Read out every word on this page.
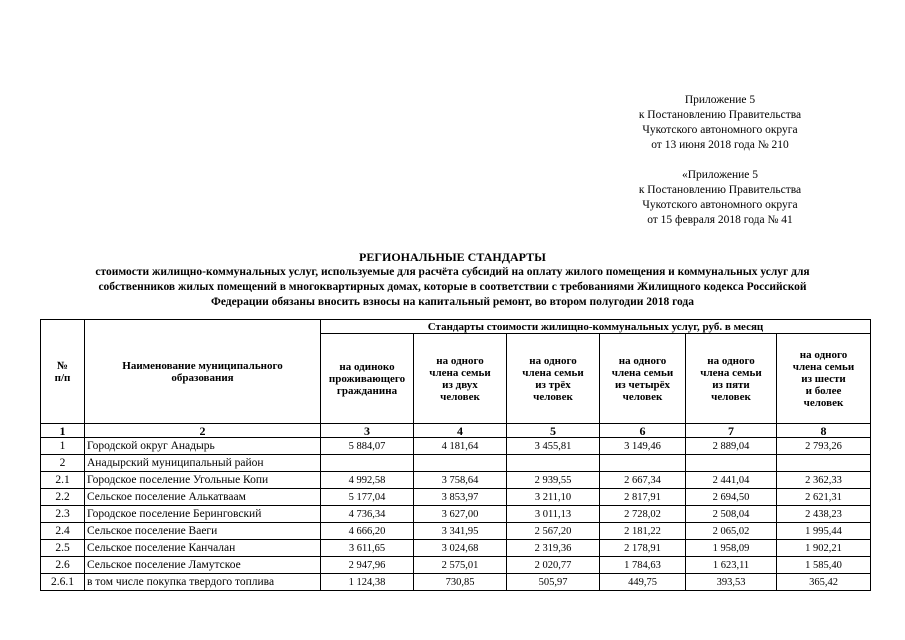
Приложение 5
к Постановлению Правительства
Чукотского автономного округа
от 13 июня 2018 года № 210
«Приложение 5
к Постановлению Правительства
Чукотского автономного округа
от 15 февраля 2018 года № 41
РЕГИОНАЛЬНЫЕ СТАНДАРТЫ
стоимости жилищно-коммунальных услуг, используемые для расчёта субсидий на оплату жилого помещения и коммунальных услуг для
собственников жилых помещений в многоквартирных домах, которые в соответствии с требованиями Жилищного кодекса Российской
Федерации обязаны вносить взносы на капитальный ремонт, во втором полугодии 2018 года
№
п/п	Наименование муниципального
образования	Стандарты стоимости жилищно-коммунальных услуг, руб. в месяц					
		на одиноко
проживающего
гражданина	на одного
члена семьи
из двух
человек	на одного
члена семьи
из трёх
человек	на одного
члена семьи
из четырёх
человек	на одного
члена семьи
из пяти
человек	на одного
члена семьи
из шести
и более
человек
1	2	3	4	5	6	7	8
1	Городской округ Анадырь	5 884,07	4 181,64	3 455,81	3 149,46	2 889,04	2 793,26
2	Анадырский муниципальный район						
2.1	Городское поселение Угольные Копи	4 992,58	3 758,64	2 939,55	2 667,34	2 441,04	2 362,33
2.2	Сельское поселение Алькатваам	5 177,04	3 853,97	3 211,10	2 817,91	2 694,50	2 621,31
2.3	Городское поселение Беринговский	4 736,34	3 627,00	3 011,13	2 728,02	2 508,04	2 438,23
2.4	Сельское поселение Ваеги	4 666,20	3 341,95	2 567,20	2 181,22	2 065,02	1 995,44
2.5	Сельское поселение Канчалан	3 611,65	3 024,68	2 319,36	2 178,91	1 958,09	1 902,21
2.6	Сельское поселение Ламутское	2 947,96	2 575,01	2 020,77	1 784,63	1 623,11	1 585,40
2.6.1	в том числе покупка твердого топлива	1 124,38	730,85	505,97	449,75	393,53	365,42
